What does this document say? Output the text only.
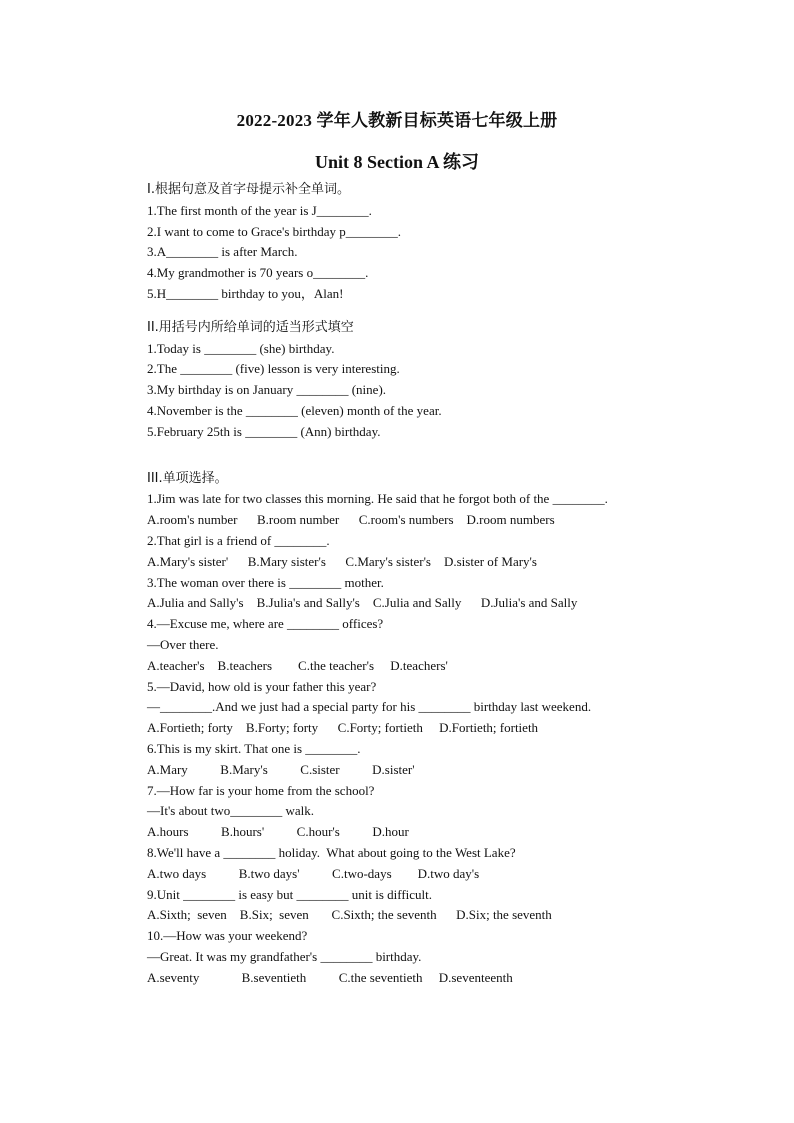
2022-2023 学年人教新目标英语七年级上册
Unit 8 Section A 练习
I.根据句意及首字母提示补全单词。
1.The first month of the year is J________.
2.I want to come to Grace's birthday p________.
3.A________ is after March.
4.My grandmother is 70 years o________.
5.H________ birthday to you，Alan!
II.用括号内所给单词的适当形式填空
1.Today is ________ (she) birthday.
2.The ________ (five) lesson is very interesting.
3.My birthday is on January ________ (nine).
4.November is the ________ (eleven) month of the year.
5.February 25th is ________ (Ann) birthday.
III.单项选择。
1.Jim was late for two classes this morning. He said that he forgot both of the ________.
A.room's number      B.room number      C.room's numbers    D.room numbers
2.That girl is a friend of ________.
A.Mary's sister'      B.Mary sister's      C.Mary's sister's    D.sister of Mary's
3.The woman over there is ________ mother.
A.Julia and Sally's    B.Julia's and Sally's    C.Julia and Sally      D.Julia's and Sally
4.—Excuse me, where are ________ offices?
—Over there.
A.teacher's    B.teachers        C.the teacher's     D.teachers'
5.—David, how old is your father this year?
—________.And we just had a special party for his ________ birthday last weekend.
A.Fortieth; forty    B.Forty; forty      C.Forty; fortieth     D.Fortieth; fortieth
6.This is my skirt. That one is ________.
A.Mary          B.Mary's          C.sister          D.sister'
7.—How far is your home from the school?
—It's about two________ walk.
A.hours          B.hours'          C.hour's          D.hour
8.We'll have a ________ holiday.  What about going to the West Lake?
A.two days          B.two days'          C.two-days        D.two day's
9.Unit ________ is easy but ________ unit is difficult.
A.Sixth;  seven    B.Six;  seven       C.Sixth; the seventh      D.Six; the seventh
10.—How was your weekend?
—Great. It was my grandfather's ________ birthday.
A.seventy             B.seventieth          C.the seventieth     D.seventeenth
